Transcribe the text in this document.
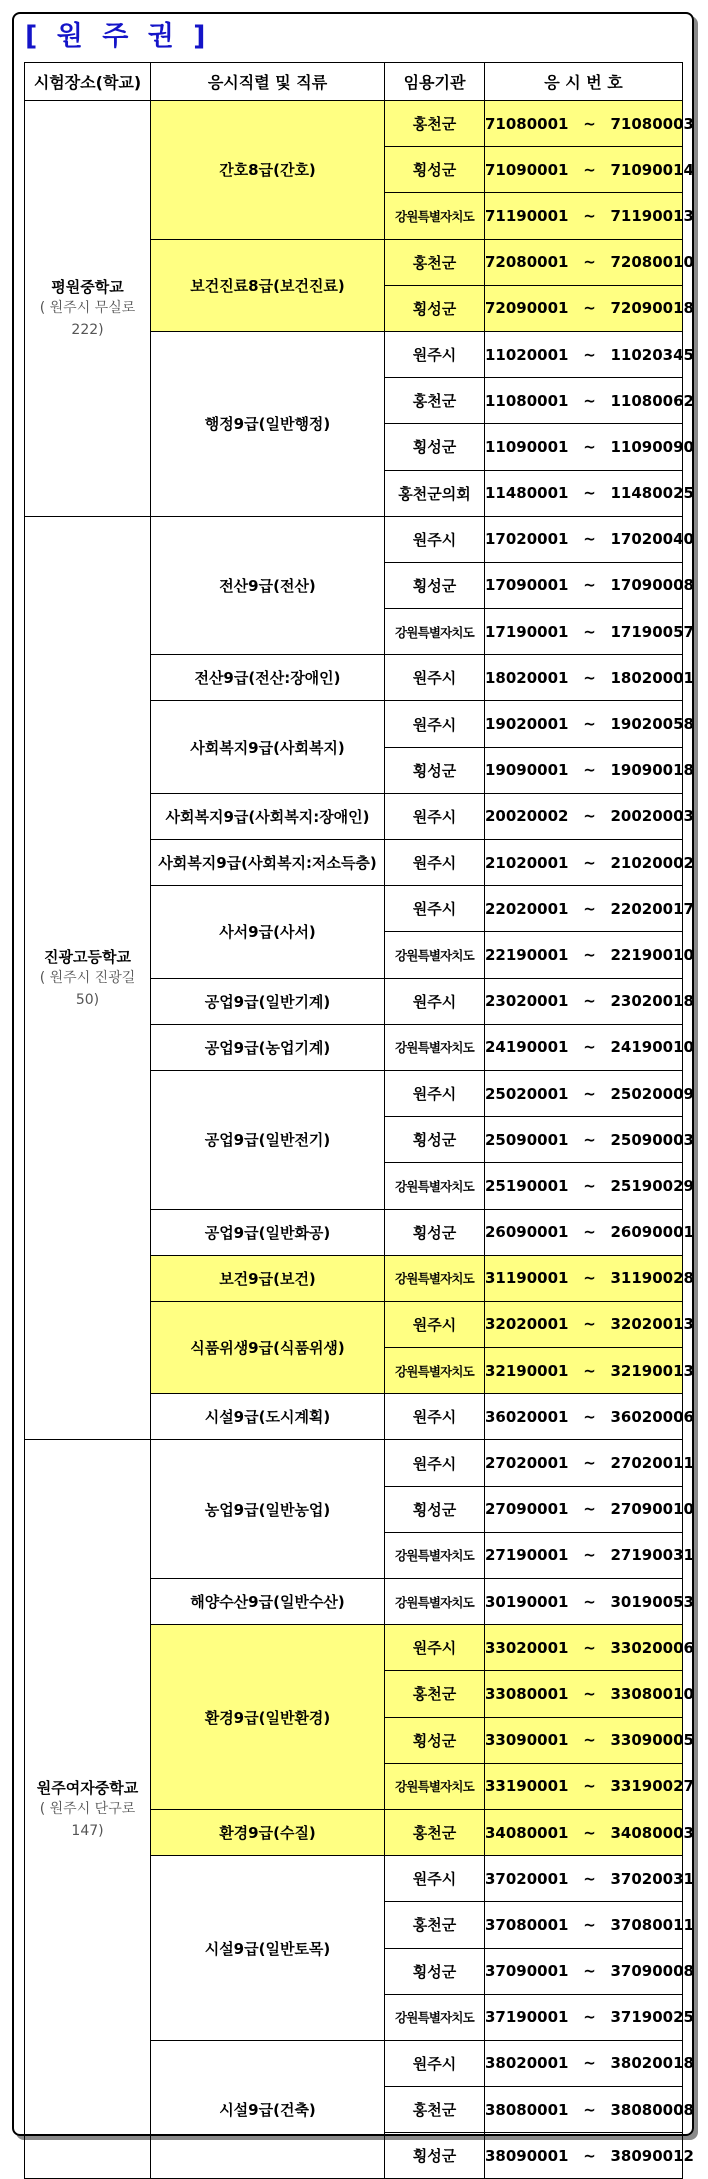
[ 원 주 권 ]
시험장소(학교)	응시직렬 및 직류	임용기관	응 시 번 호

평원중학교
( 원주시 무실로 222)	간호8급(간호)	홍천군	71080001 ~ 71080003
		횡성군	71090001 ~ 71090014
		강원특별자치도	71190001 ~ 71190013
	보건진료8급(보건진료)	홍천군	72080001 ~ 72080010
		횡성군	72090001 ~ 72090018
	행정9급(일반행정)	원주시	11020001 ~ 11020345
		홍천군	11080001 ~ 11080062
		횡성군	11090001 ~ 11090090
		홍천군의회	11480001 ~ 11480025

진광고등학교
( 원주시 진광길 50)	전산9급(전산)	원주시	17020001 ~ 17020040
		횡성군	17090001 ~ 17090008
		강원특별자치도	17190001 ~ 17190057
	전산9급(전산:장애인)	원주시	18020001 ~ 18020001
	사회복지9급(사회복지)	원주시	19020001 ~ 19020058
		횡성군	19090001 ~ 19090018
	사회복지9급(사회복지:장애인)	원주시	20020002 ~ 20020003
	사회복지9급(사회복지:저소득층)	원주시	21020001 ~ 21020002
	사서9급(사서)	원주시	22020001 ~ 22020017
		강원특별자치도	22190001 ~ 22190010
	공업9급(일반기계)	원주시	23020001 ~ 23020018
	공업9급(농업기계)	강원특별자치도	24190001 ~ 24190010
	공업9급(일반전기)	원주시	25020001 ~ 25020009
		횡성군	25090001 ~ 25090003
		강원특별자치도	25190001 ~ 25190029
	공업9급(일반화공)	횡성군	26090001 ~ 26090001
	보건9급(보건)	강원특별자치도	31190001 ~ 31190028
	식품위생9급(식품위생)	원주시	32020001 ~ 32020013
		강원특별자치도	32190001 ~ 32190013
	시설9급(도시계획)	원주시	36020001 ~ 36020006

원주여자중학교
( 원주시 단구로 147)	농업9급(일반농업)	원주시	27020001 ~ 27020011
		횡성군	27090001 ~ 27090010
		강원특별자치도	27190001 ~ 27190031
	해양수산9급(일반수산)	강원특별자치도	30190001 ~ 30190053
	환경9급(일반환경)	원주시	33020001 ~ 33020006
		홍천군	33080001 ~ 33080010
		횡성군	33090001 ~ 33090005
		강원특별자치도	33190001 ~ 33190027
	환경9급(수질)	홍천군	34080001 ~ 34080003
	시설9급(일반토목)	원주시	37020001 ~ 37020031
		홍천군	37080001 ~ 37080011
		횡성군	37090001 ~ 37090008
		강원특별자치도	37190001 ~ 37190025
	시설9급(건축)	원주시	38020001 ~ 38020018
		홍천군	38080001 ~ 38080008
		횡성군	38090001 ~ 38090012
